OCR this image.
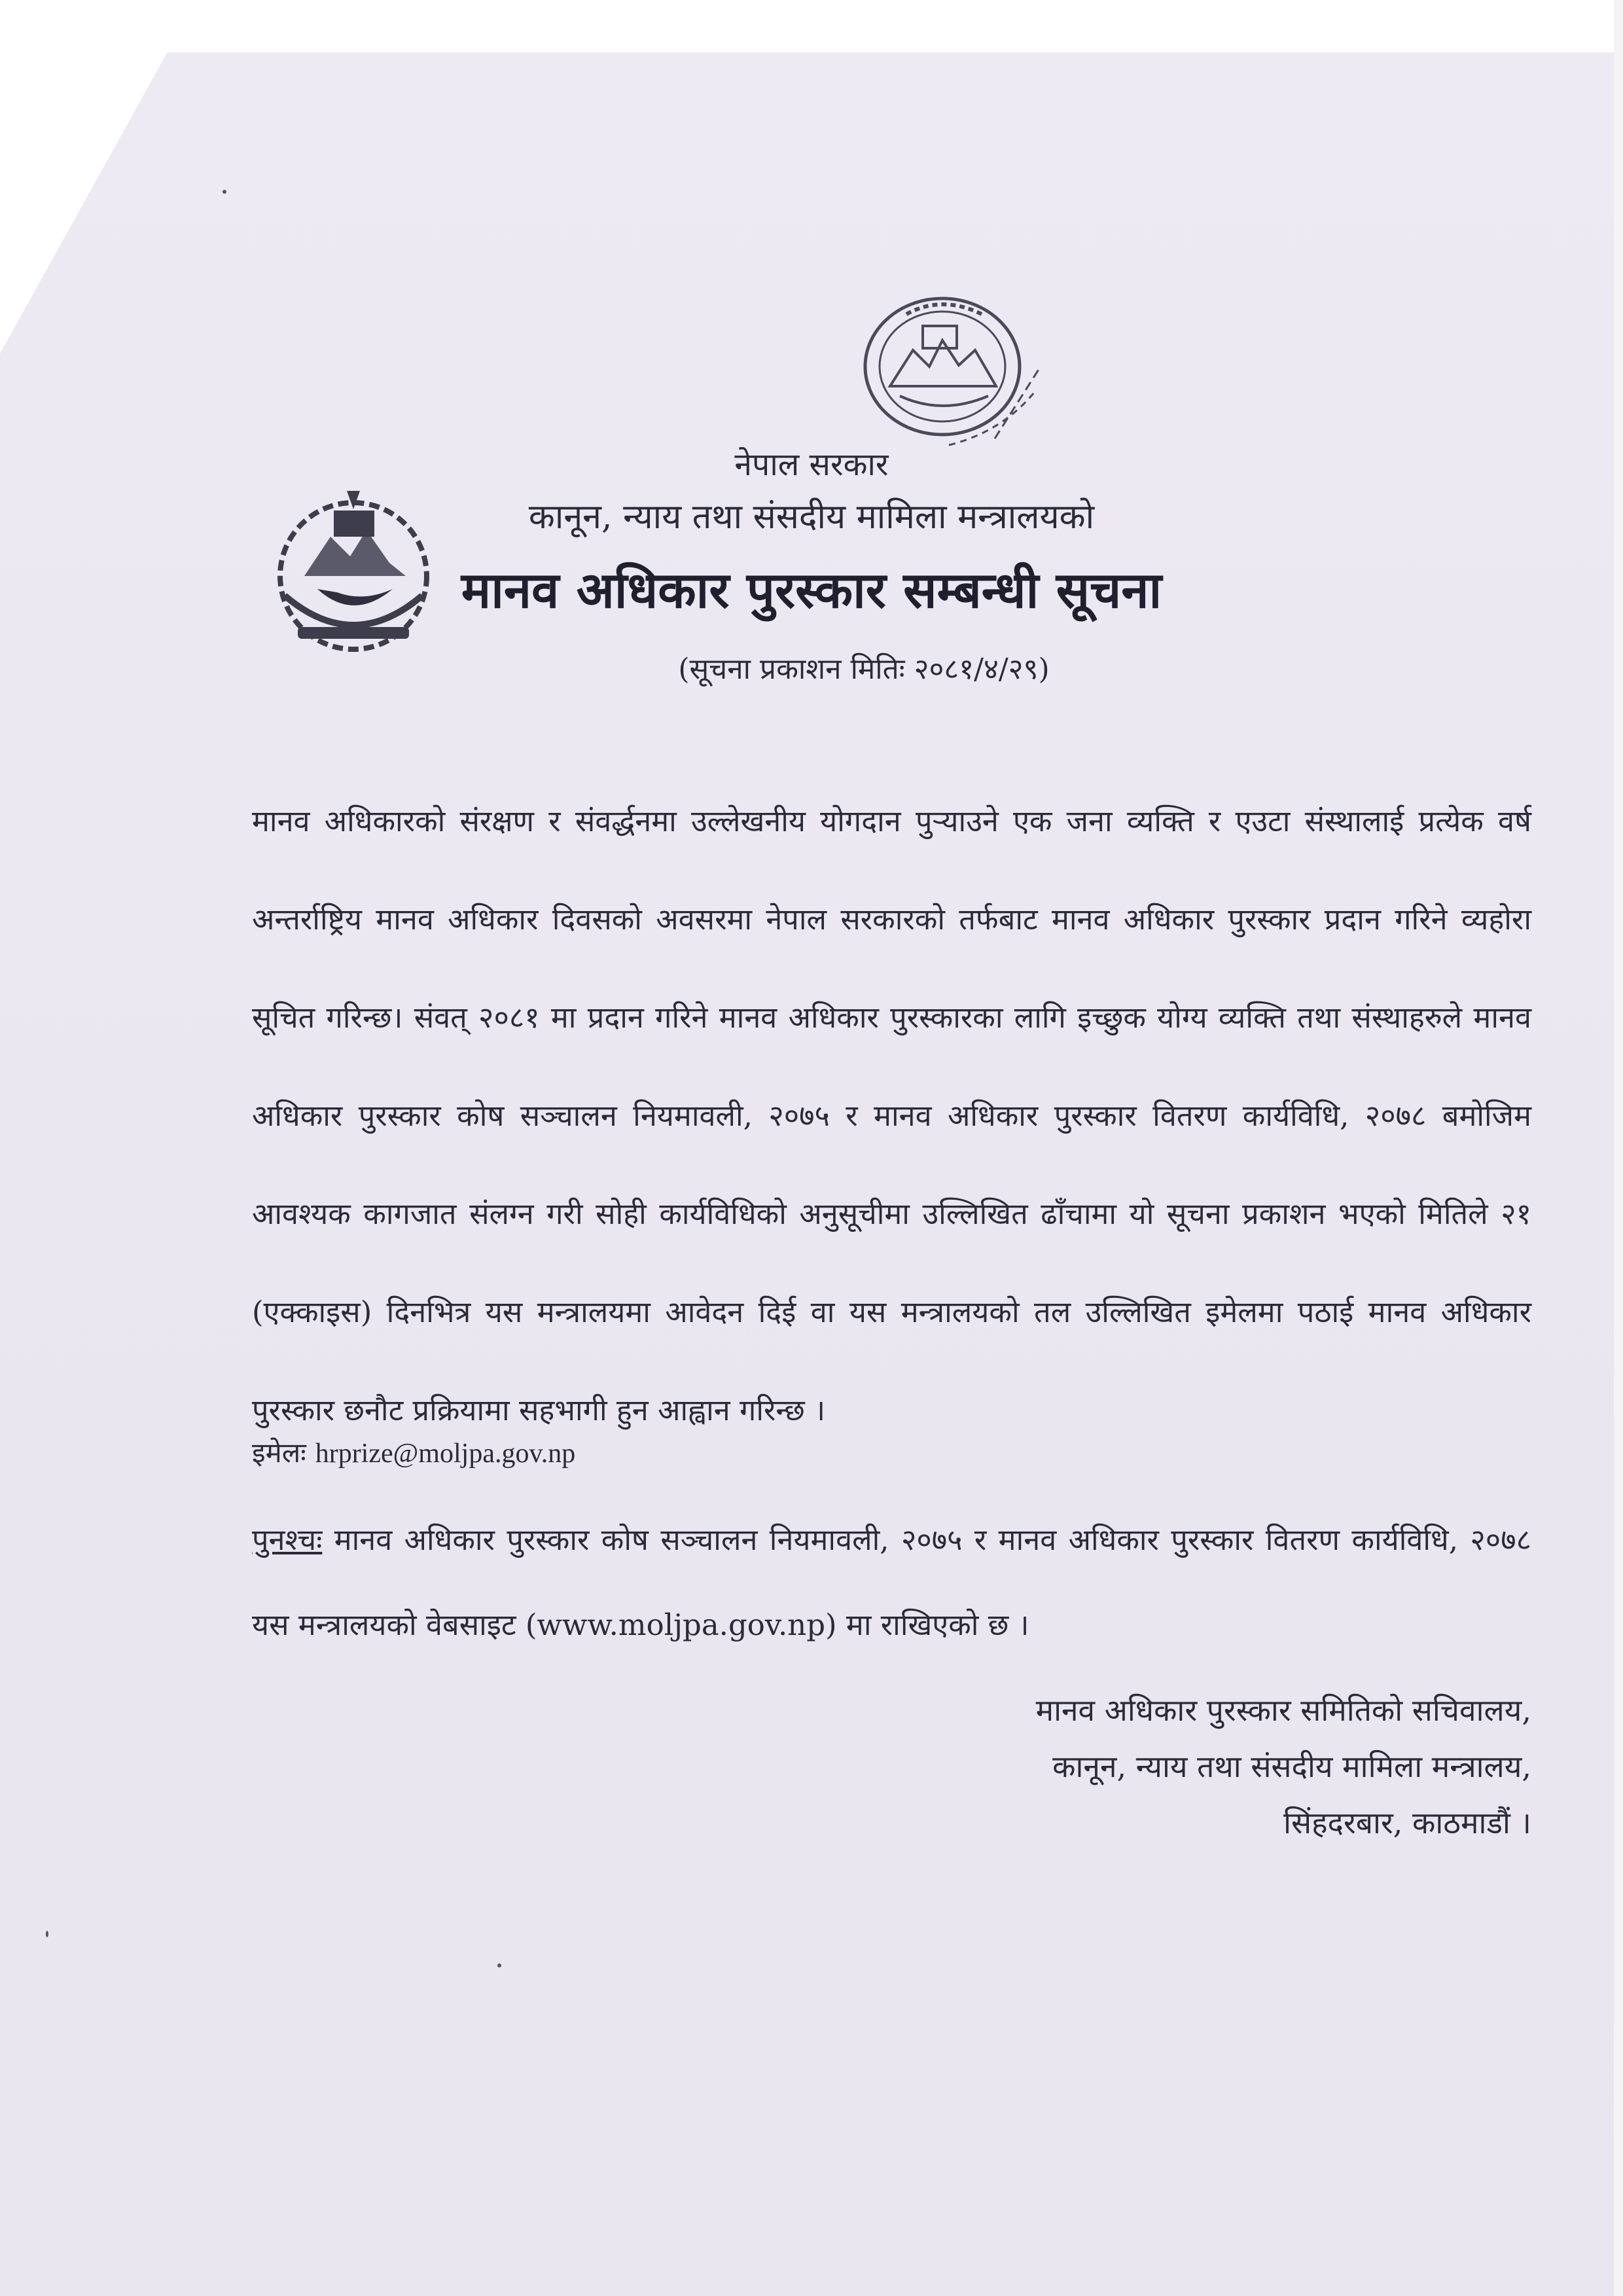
नेपाल सरकार
कानून, न्याय तथा संसदीय मामिला मन्त्रालयको
मानव अधिकार पुरस्कार सम्बन्धी सूचना
(सूचना प्रकाशन मितिः २०८१/४/२९)
मानव अधिकारको संरक्षण र संवर्द्धनमा उल्लेखनीय योगदान पुऱ्याउने एक जना व्यक्ति र एउटा संस्थालाई प्रत्येक वर्ष अन्तर्राष्ट्रिय मानव अधिकार दिवसको अवसरमा नेपाल सरकारको तर्फबाट मानव अधिकार पुरस्कार प्रदान गरिने व्यहोरा सूचित गरिन्छ। संवत् २०८१ मा प्रदान गरिने मानव अधिकार पुरस्कारका लागि इच्छुक योग्य व्यक्ति तथा संस्थाहरुले मानव अधिकार पुरस्कार कोष सञ्चालन नियमावली, २०७५ र मानव अधिकार पुरस्कार वितरण कार्यविधि, २०७८ बमोजिम आवश्यक कागजात संलग्न गरी सोही कार्यविधिको अनुसूचीमा उल्लिखित ढाँचामा यो सूचना प्रकाशन भएको मितिले २१ (एक्काइस) दिनभित्र यस मन्त्रालयमा आवेदन दिई वा यस मन्त्रालयको तल उल्लिखित इमेलमा पठाई मानव अधिकार पुरस्कार छनौट प्रक्रियामा सहभागी हुन आह्वान गरिन्छ ।
इमेलः hrprize@moljpa.gov.np
पुनश्चः मानव अधिकार पुरस्कार कोष सञ्चालन नियमावली, २०७५ र मानव अधिकार पुरस्कार वितरण कार्यविधि, २०७८ यस मन्त्रालयको वेबसाइट (www.moljpa.gov.np) मा राखिएको छ ।
मानव अधिकार पुरस्कार समितिको सचिवालय,
कानून, न्याय तथा संसदीय मामिला मन्त्रालय,
सिंहदरबार, काठमाडौं ।
